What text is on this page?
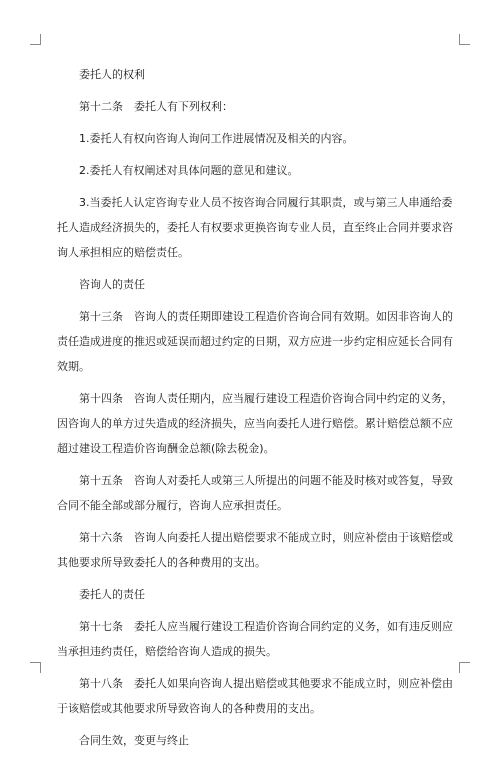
委托人的权利

第十二条　委托人有下列权利：

1.委托人有权向咨询人询问工作进展情况及相关的内容。

2.委托人有权阐述对具体问题的意见和建议。

3.当委托人认定咨询专业人员不按咨询合同履行其职责，或与第三人串通给委托人造成经济损失的，委托人有权要求更换咨询专业人员，直至终止合同并要求咨询人承担相应的赔偿责任。

咨询人的责任

第十三条　咨询人的责任期即建设工程造价咨询合同有效期。如因非咨询人的责任造成进度的推迟或延误而超过约定的日期，双方应进一步约定相应延长合同有效期。

第十四条　咨询人责任期内，应当履行建设工程造价咨询合同中约定的义务，因咨询人的单方过失造成的经济损失，应当向委托人进行赔偿。累计赔偿总额不应超过建设工程造价咨询酬金总额(除去税金)。

第十五条　咨询人对委托人或第三人所提出的问题不能及时核对或答复，导致合同不能全部或部分履行，咨询人应承担责任。

第十六条　咨询人向委托人提出赔偿要求不能成立时，则应补偿由于该赔偿或其他要求所导致委托人的各种费用的支出。

委托人的责任

第十七条　委托人应当履行建设工程造价咨询合同约定的义务，如有违反则应当承担违约责任，赔偿给咨询人造成的损失。

第十八条　委托人如果向咨询人提出赔偿或其他要求不能成立时，则应补偿由于该赔偿或其他要求所导致咨询人的各种费用的支出。

合同生效，变更与终止
